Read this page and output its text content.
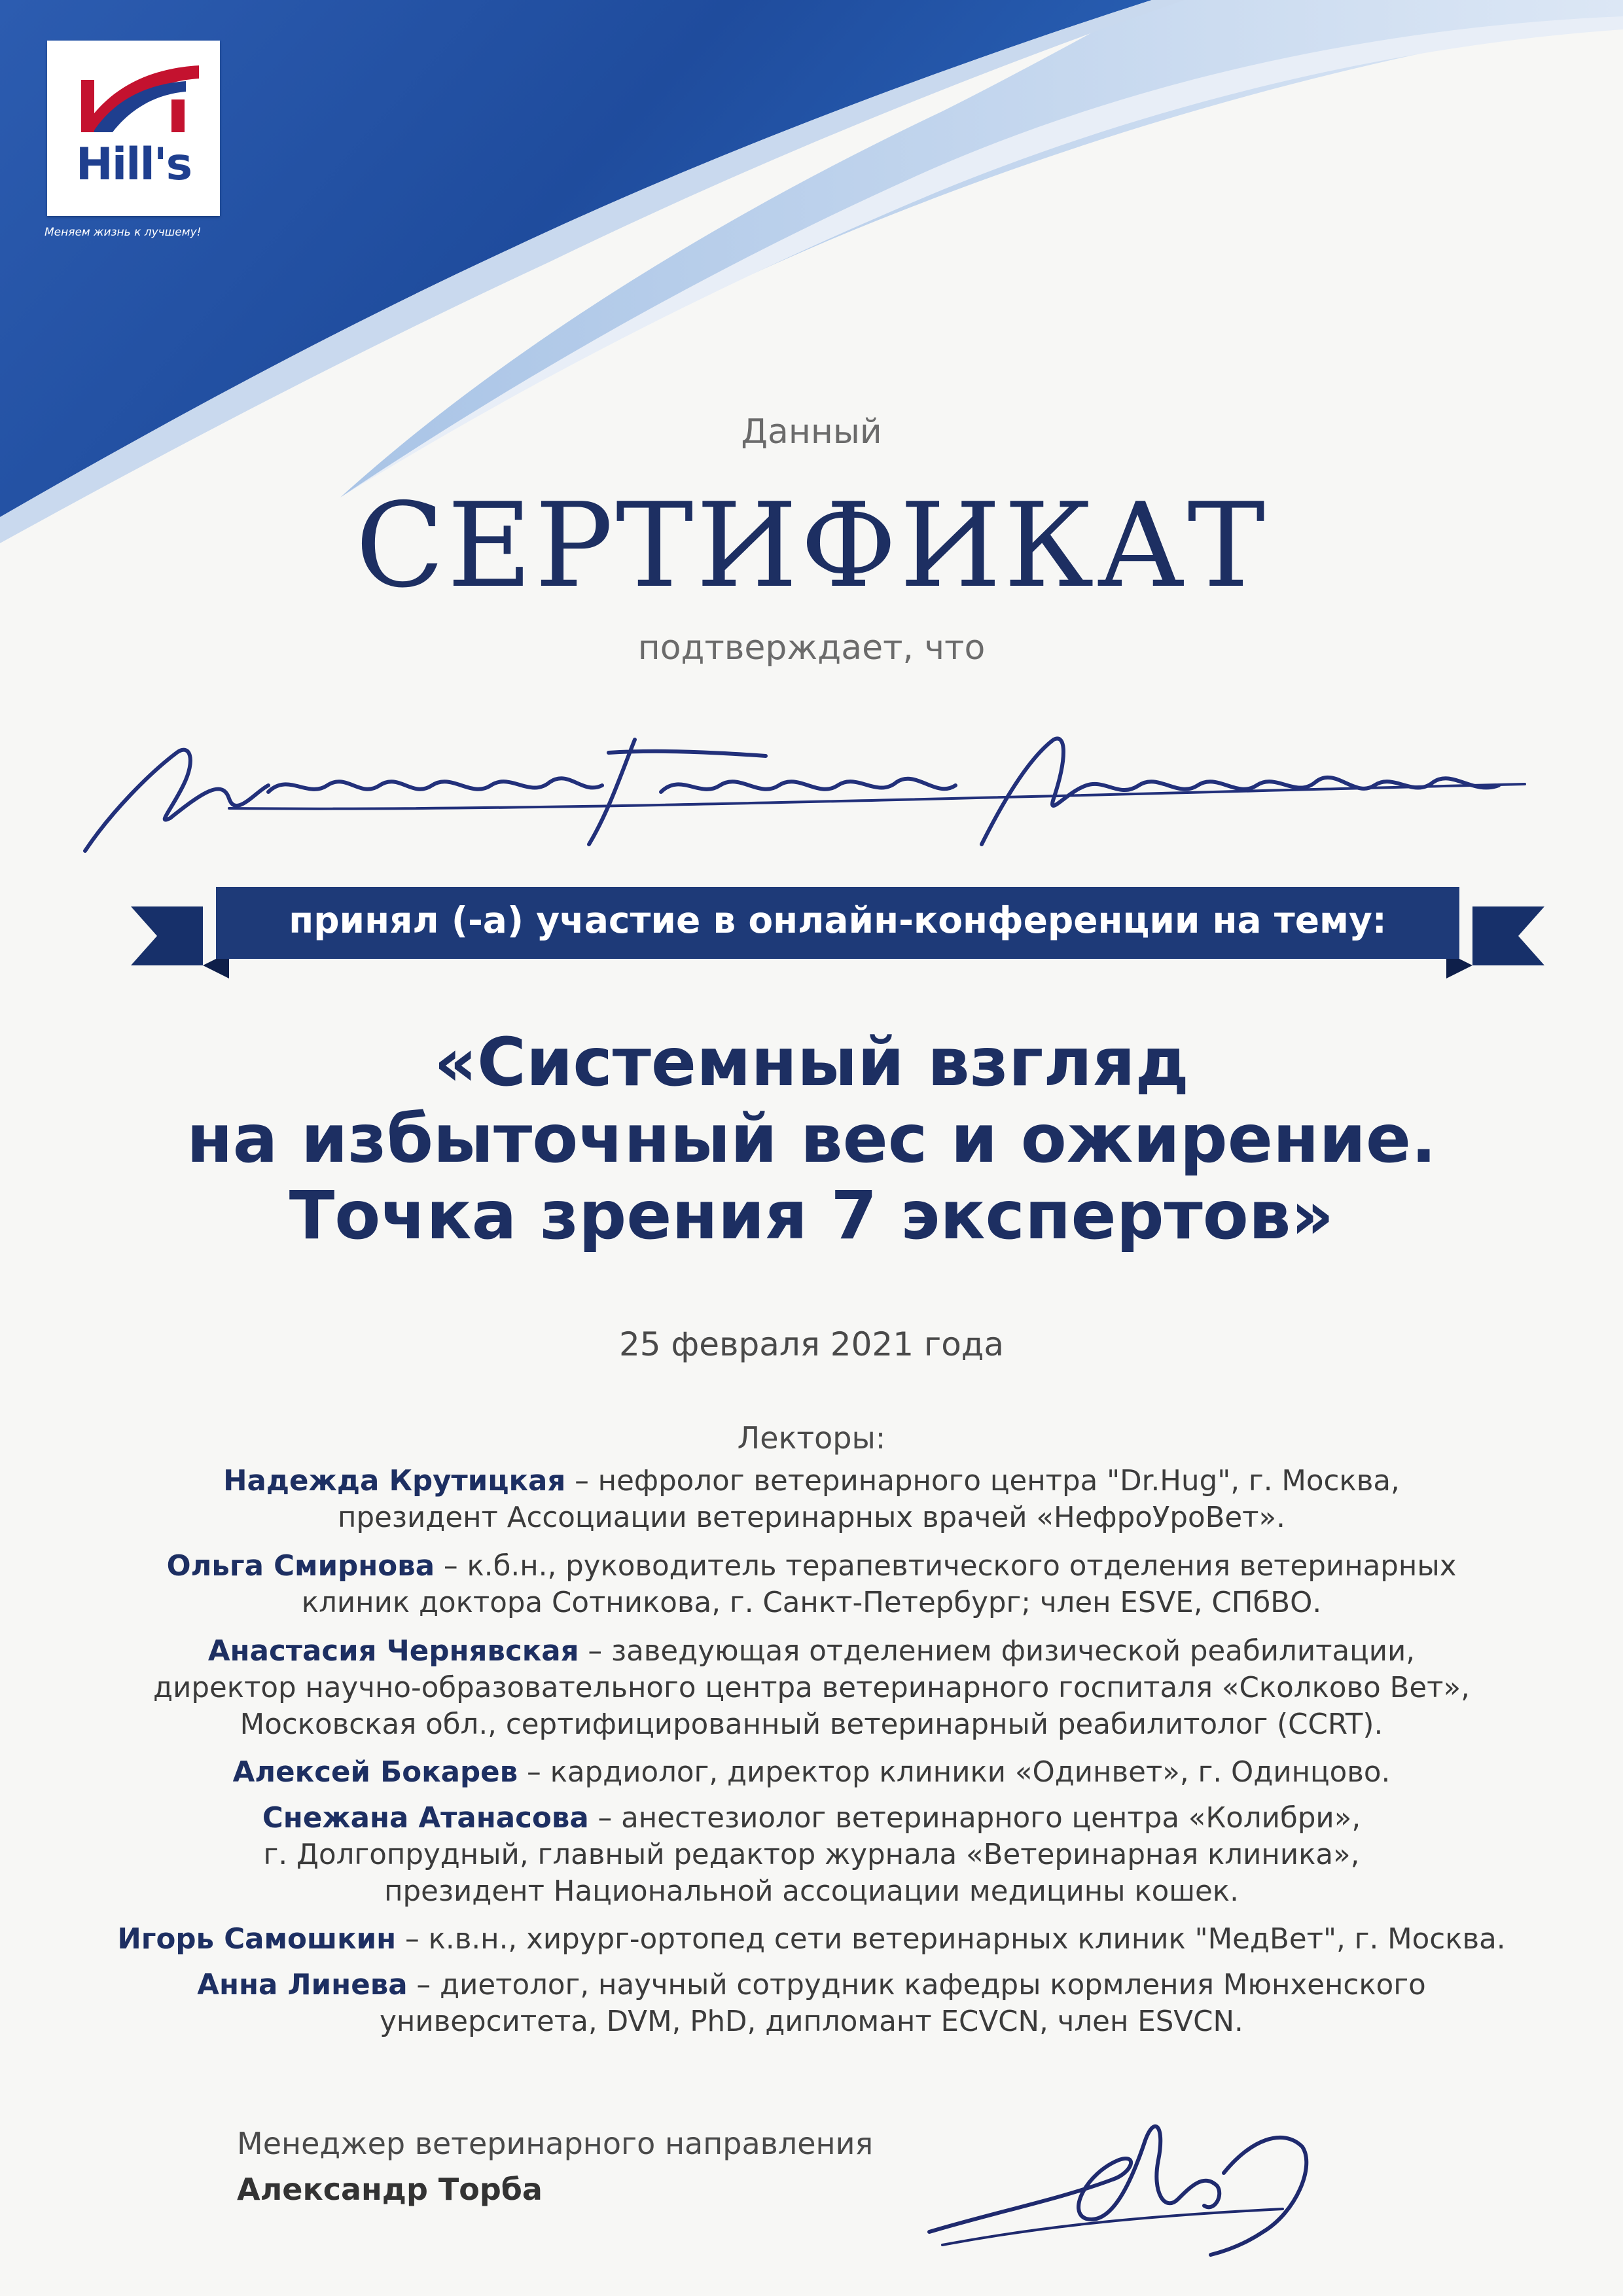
Hill's
Меняем жизнь к лучшему!
Данный
СЕРТИФИКАТ
подтверждает, что
принял (-а) участие в онлайн-конференции на тему:
«Системный взгляд
на избыточный вес и ожирение.
Точка зрения 7 экспертов»
25 февраля 2021 года
Лекторы:
Надежда Крутицкая – нефролог ветеринарного центра "Dr.Hug", г. Москва,
президент Ассоциации ветеринарных врачей «НефроУроВет».
Ольга Смирнова – к.б.н., руководитель терапевтического отделения ветеринарных
клиник доктора Сотникова, г. Санкт-Петербург; член ESVE, СПбВО.
Анастасия Чернявская – заведующая отделением физической реабилитации,
директор научно-образовательного центра ветеринарного госпиталя «Сколково Вет»,
Московская обл., сертифицированный ветеринарный реабилитолог (CCRT).
Алексей Бокарев – кардиолог, директор клиники «Одинвет», г. Одинцово.
Снежана Атанасова – анестезиолог ветеринарного центра «Колибри»,
г. Долгопрудный, главный редактор журнала «Ветеринарная клиника»,
президент Национальной ассоциации медицины кошек.
Игорь Самошкин – к.в.н., хирург-ортопед сети ветеринарных клиник "МедВет", г. Москва.
Анна Линева – диетолог, научный сотрудник кафедры кормления Мюнхенского
университета, DVM, PhD, дипломант ECVCN, член ESVCN.
Менеджер ветеринарного направления
Александр Торба
